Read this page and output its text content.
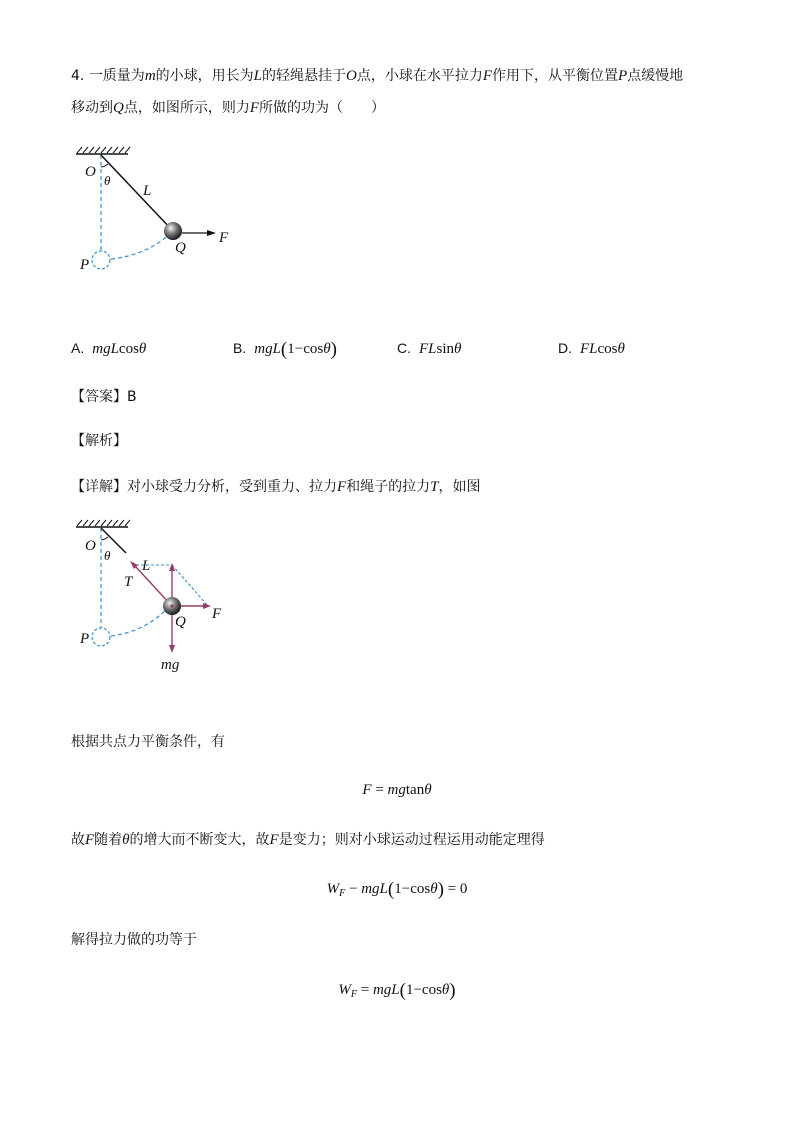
4. 一质量为m的小球，用长为L的轻绳悬挂于O点，小球在水平拉力F作用下，从平衡位置P点缓慢地
移动到Q点，如图所示，则力F所做的功为（　　）
O
θ
L
Q
F
P
A. mgLcosθ	B. mgL(1−cosθ)	C. FLsinθ	D. FLcosθ
【答案】B
【解析】
【详解】对小球受力分析，受到重力、拉力F和绳子的拉力T，如图
O
θ
L
T
F
Q
P
mg
根据共点力平衡条件，有
F = mgtanθ
故F随着θ的增大而不断变大，故F是变力；则对小球运动过程运用动能定理得
$W_F - mgL(1-\cos\theta) = 0$
解得拉力做的功等于
$W_F = mgL(1-\cos\theta)$
